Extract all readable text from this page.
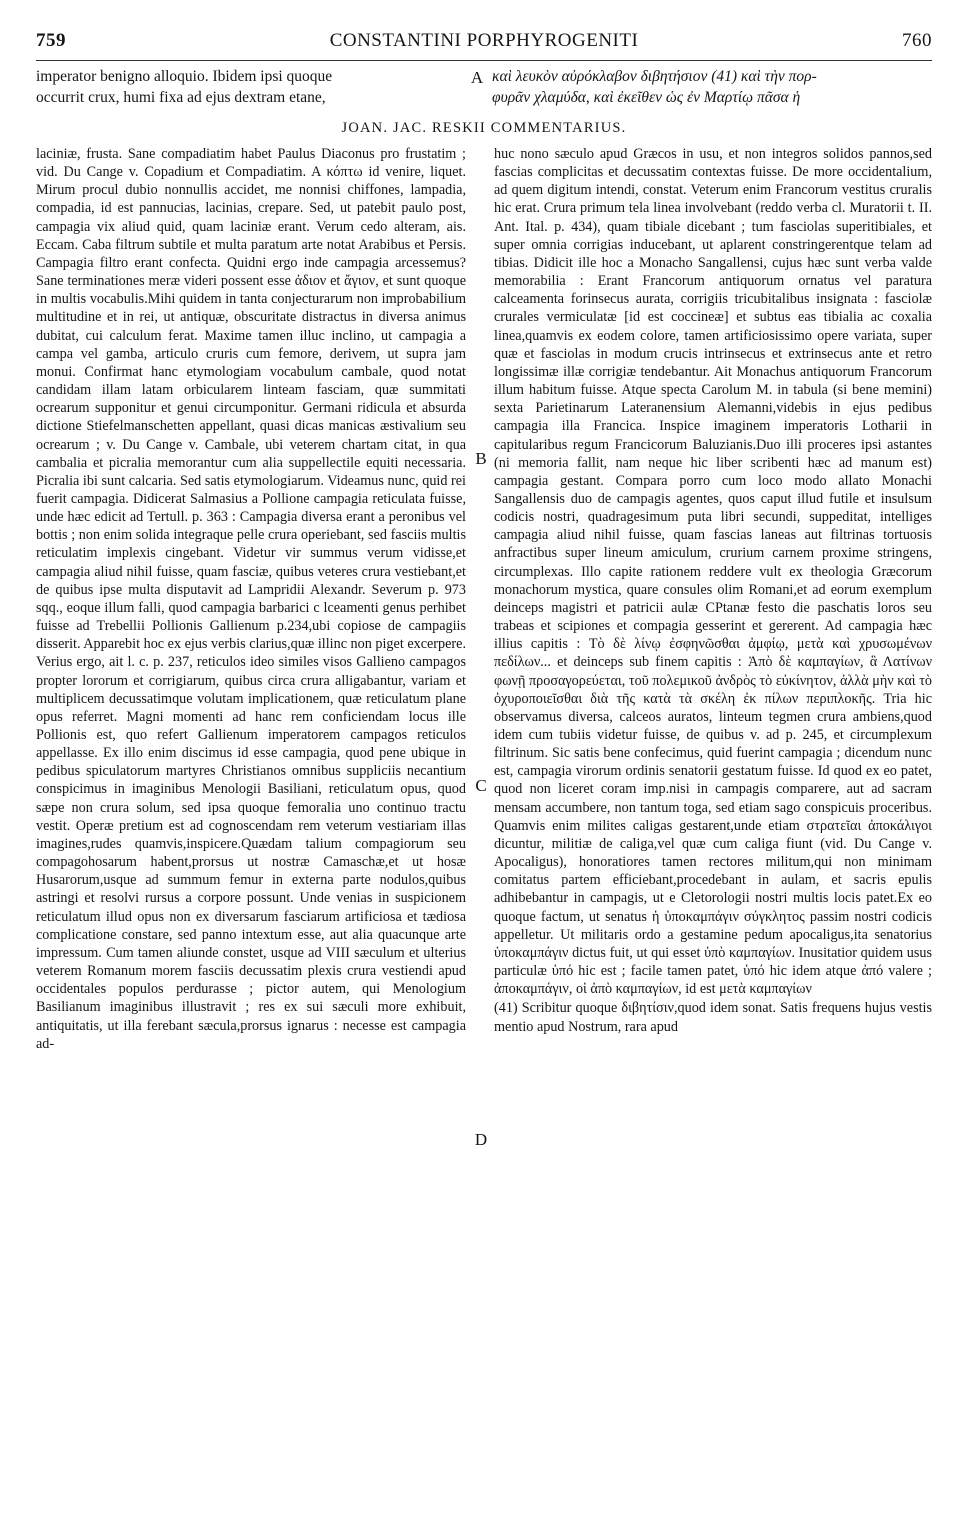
759	CONSTANTINI PORPHYROGENITI	760
imperator benigno alloquio. Ibidem ipsi quoque
occurrit crux, humi fixa ad ejus dextram etane,
καὶ λευκὸν αὐρόκλαβον διβητήσιον (41) καὶ τὴν πορ-
φυρᾶν χλαμύδα, καὶ ἐκεῖθεν ὡς ἐν Μαρτίῳ πᾶσα ἡ
JOAN. JAC. RESKII COMMENTARIUS.
A
B
C
D

laciniæ, frusta. Sane compadiatim habet Paulus Diaconus pro frustatim ; vid. Du Cange v. Copadium et Compadiatim. A κόπτω id venire, liquet. Mirum procul dubio nonnullis accidet, me nonnisi chiffones, lampadia, compadia, id est pannucias, lacinias, crepare. Sed, ut patebit paulo post, campagia vix aliud quid, quam laciniæ erant. Verum cedo alteram, ais. Eccam. Caba filtrum subtile et multa paratum arte notat Arabibus et Persis. Campagia filtro erant confecta. Quidni ergo inde campagia arcessemus? Sane terminationes meræ videri possent esse ἀδιον et ἄγιον, et sunt quoque in multis vocabulis.Mihi quidem in tanta conjecturarum non improbabilium multitudine et in rei, ut antiquæ, obscuritate distractus in diversa animus dubitat, cui calculum ferat. Maxime tamen illuc inclino, ut campagia a campa vel gamba, articulo cruris cum femore, derivem, ut supra jam monui. Confirmat hanc etymologiam vocabulum cambale, quod notat candidam illam latam orbicularem linteam fasciam, quæ summitati ocrearum supponitur et genui circumponitur. Germani ridicula et absurda dictione Stiefelmanschetten appellant, quasi dicas manicas æstivalium seu ocrearum ; v. Du Cange v. Cambale, ubi veterem chartam citat, in qua cambalia et picralia memorantur cum alia suppellectile equiti necessaria. Picralia ibi sunt calcaria. Sed satis etymologiarum. Videamus nunc, quid rei fuerit campagia. Didicerat Salmasius a Pollione campagia reticulata fuisse, unde hæc edicit ad Tertull. p. 363 : Campagia diversa erant a peronibus vel bottis ; non enim solida integraque pelle crura operiebant, sed fasciis multis reticulatim implexis cingebant. Videtur vir summus verum vidisse,et campagia aliud nihil fuisse, quam fasciæ, quibus veteres crura vestiebant,et de quibus ipse multa disputavit ad Lampridii Alexandr. Severum p. 973 sqq., eoque illum falli, quod campagia barbarici c lceamenti genus perhibet fuisse ad Trebellii Pollionis Gallienum p.234,ubi copiose de campagiis disserit. Apparebit hoc ex ejus verbis clarius,quæ illinc non piget excerpere. Verius ergo, ait l. c. p. 237, reticulos ideo similes visos Gallieno campagos propter lororum et corrigiarum, quibus circa crura alligabantur, variam et multiplicem decussatimque volutam implicationem, quæ reticulatum plane opus referret. Magni momenti ad hanc rem conficiendam locus ille Pollionis est, quo refert Gallienum imperatorem campagos reticulos appellasse. Ex illo enim discimus id esse campagia, quod pene ubique in pedibus spiculatorum martyres Christianos omnibus suppliciis necantium conspicimus in imaginibus Menologii Basiliani, reticulatum opus, quod sæpe non crura solum, sed ipsa quoque femoralia uno continuo tractu vestit. Operæ pretium est ad cognoscendam rem veterum vestiariam illas imagines,rudes quamvis,inspicere.Quædam talium compagiorum seu compagohosarum habent,prorsus ut nostræ Camaschæ,et ut hosæ Husarorum,usque ad summum femur in externa parte nodulos,quibus astringi et resolvi rursus a corpore possunt. Unde venias in suspicionem reticulatum illud opus non ex diversarum fasciarum artificiosa et tædiosa complicatione constare, sed panno intextum esse, aut alia quacunque arte impressum. Cum tamen aliunde constet, usque ad VIII sæculum et ulterius veterem Romanum morem fasciis decussatim plexis crura vestiendi apud occidentales populos perdurasse ; pictor autem, qui Menologium Basilianum imaginibus illustravit ; res ex sui sæculi more exhibuit, antiquitatis, ut illa ferebant sæcula,prorsus ignarus : necesse est campagia ad-

huc nono sæculo apud Græcos in usu, et non integros solidos pannos,sed fascias complicitas et decussatim contextas fuisse. De more occidentalium, ad quem digitum intendi, constat. Veterum enim Francorum vestitus cruralis hic erat. Crura primum tela linea involvebant (reddo verba cl. Muratorii t. II. Ant. Ital. p. 434), quam tibiale dicebant ; tum fasciolas superitibiales, et super omnia corrigias inducebant, ut aplarent constringerentque telam ad tibias. Didicit ille hoc a Monacho Sangallensi, cujus hæc sunt verba valde memorabilia : Erant Francorum antiquorum ornatus vel paratura calceamenta forinsecus aurata, corrigiis tricubitalibus insignata : fasciolæ crurales vermiculatæ [id est coccineæ] et subtus eas tibialia ac coxalia linea,quamvis ex eodem colore, tamen artificiosissimo opere variata, super quæ et fasciolas in modum crucis intrinsecus et extrinsecus ante et retro longissimæ illæ corrigiæ tendebantur. Ait Monachus antiquorum Francorum illum habitum fuisse. Atque specta Carolum M. in tabula (si bene memini) sexta Parietinarum Lateranensium Alemanni,videbis in ejus pedibus campagia illa Francica. Inspice imaginem imperatoris Lotharii in capitularibus regum Francicorum Baluzianis.Duo illi proceres ipsi astantes (ni memoria fallit, nam neque hic liber scribenti hæc ad manum est) campagia gestant. Compara porro cum loco modo allato Monachi Sangallensis duo de campagis agentes, quos caput illud futile et insulsum codicis nostri, quadragesimum puta libri secundi, suppeditat, intelliges campagia aliud nihil fuisse, quam fascias laneas aut filtrinas tortuosis anfractibus super lineum amiculum, crurium carnem proxime stringens, circumplexas. Illo capite rationem reddere vult ex theologia Græcorum monachorum mystica, quare consules olim Romani,et ad eorum exemplum deinceps magistri et patricii aulæ CPtanæ festo die paschatis loros seu trabeas et scipiones et compagia gesserint et gererent. Ad campagia hæc illius capitis : Τὸ δὲ λίνῳ ἐσφηνῶσθαι ἀμφίῳ, μετὰ καὶ χρυσωμένων πεδίλων... et deinceps sub finem capitis : Ἀπὸ δὲ καμπαγίων, ἃ Λατίνων φωνῇ προσαγορεύεται, τοῦ πολεμικοῦ ἀνδρὸς τὸ εὐκίνητον, ἀλλὰ μὴν καὶ τὸ ὀχυροποιεῖσθαι διὰ τῆς κατὰ τὰ σκέλη ἐκ πίλων περιπλοκῆς. Tria hic observamus diversa, calceos auratos, linteum tegmen crura ambiens,quod idem cum tubiis videtur fuisse, de quibus v. ad p. 245, et circumplexum filtrinum. Sic satis bene confecimus, quid fuerint campagia ; dicendum nunc est, campagia virorum ordinis senatorii gestatum fuisse. Id quod ex eo patet, quod non liceret coram imp.nisi in campagis comparere, aut ad sacram mensam accumbere, non tantum toga, sed etiam sago conspicuis proceribus. Quamvis enim milites caligas gestarent,unde etiam στρατεῖαι ἀποκάλιγοι dicuntur, militiæ de caliga,vel quæ cum caliga fiunt (vid. Du Cange v. Apocaligus), honoratiores tamen rectores militum,qui non minimam comitatus partem efficiebant,procedebant in aulam, et sacris epulis adhibebantur in campagis, ut e Cletorologii nostri multis locis patet.Ex eo quoque factum, ut senatus ἡ ὑποκαμπάγιν σύγκλητος passim nostri codicis appelletur. Ut militaris ordo a gestamine pedum apocaligus,ita senatorius ὑποκαμπάγιν dictus fuit, ut qui esset ὑπὸ καμπαγίων. Inusitatior quidem usus particulæ ὑπό hic est ; facile tamen patet, ὑπό hic idem atque ἀπό valere ; ἀποκαμπάγιν, οἱ ἀπὸ καμπαγίων, id est μετὰ καμπαγίων

(41) Scribitur quoque διβητίσιν,quod idem sonat. Satis frequens hujus vestis mentio apud Nostrum, rara apud
